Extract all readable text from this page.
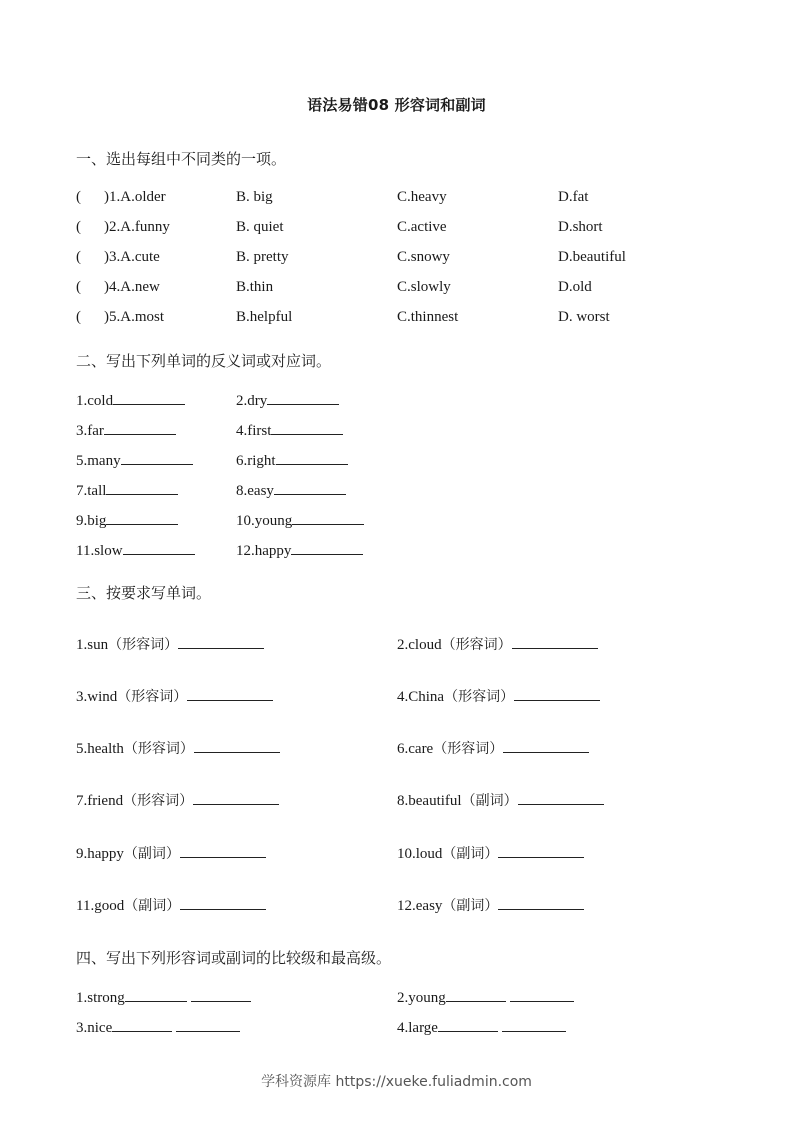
语法易错08 形容词和副词
一、选出每组中不同类的一项。
( )1.A.older	B. big	C.heavy	D.fat
( )2.A.funny	B. quiet	C.active	D.short
( )3.A.cute	B. pretty	C.snowy	D.beautiful
( )4.A.new	B.thin	C.slowly	D.old
( )5.A.most	B.helpful	C.thinnest	D. worst
二、写出下列单词的反义词或对应词。
1.cold	2.dry
3.far	4.first
5.many	6.right
7.tall	8.easy
9.big	10.young
11.slow	12.happy
三、按要求写单词。
1.sun（形容词）	2.cloud（形容词）
3.wind（形容词）	4.China（形容词）
5.health（形容词）	6.care（形容词）
7.friend（形容词）	8.beautiful（副词）
9.happy（副词）	10.loud（副词）
11.good（副词）	12.easy（副词）
四、写出下列形容词或副词的比较级和最高级。
1.strong	2.young
3.nice	4.large
学科资源库 https://xueke.fuliadmin.com
